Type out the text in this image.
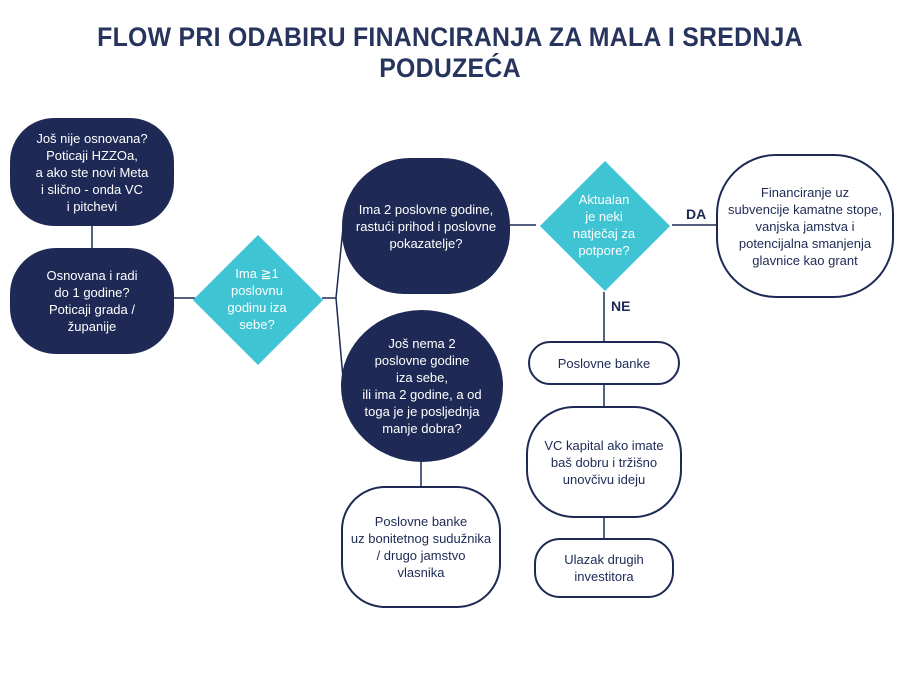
FLOW PRI ODABIRU FINANCIRANJA ZA MALA I SREDNJA PODUZEĆA
Još nije osnovana?
Poticaji HZZOa,
a ako ste novi Meta
i slično - onda VC
i pitchevi
Osnovana i radi
do 1 godine?
Poticaji grada /
županije
Ima ≧1
poslovnu
godinu iza
sebe?
Ima 2 poslovne godine,
rastući prihod i poslovne
pokazatelje?
Još nema 2
poslovne godine
iza sebe,
ili ima 2 godine, a od
toga je je posljednja
manje dobra?
Poslovne banke
uz bonitetnog sudužnika
/ drugo jamstvo
vlasnika
Aktualan
je neki
natječaj za
potpore?
DA
NE
Financiranje uz
subvencije kamatne stope,
vanjska jamstva i
potencijalna smanjenja
glavnice kao grant
Poslovne banke
VC kapital ako imate
baš dobru i tržišno
unovčivu ideju
Ulazak drugih
investitora
